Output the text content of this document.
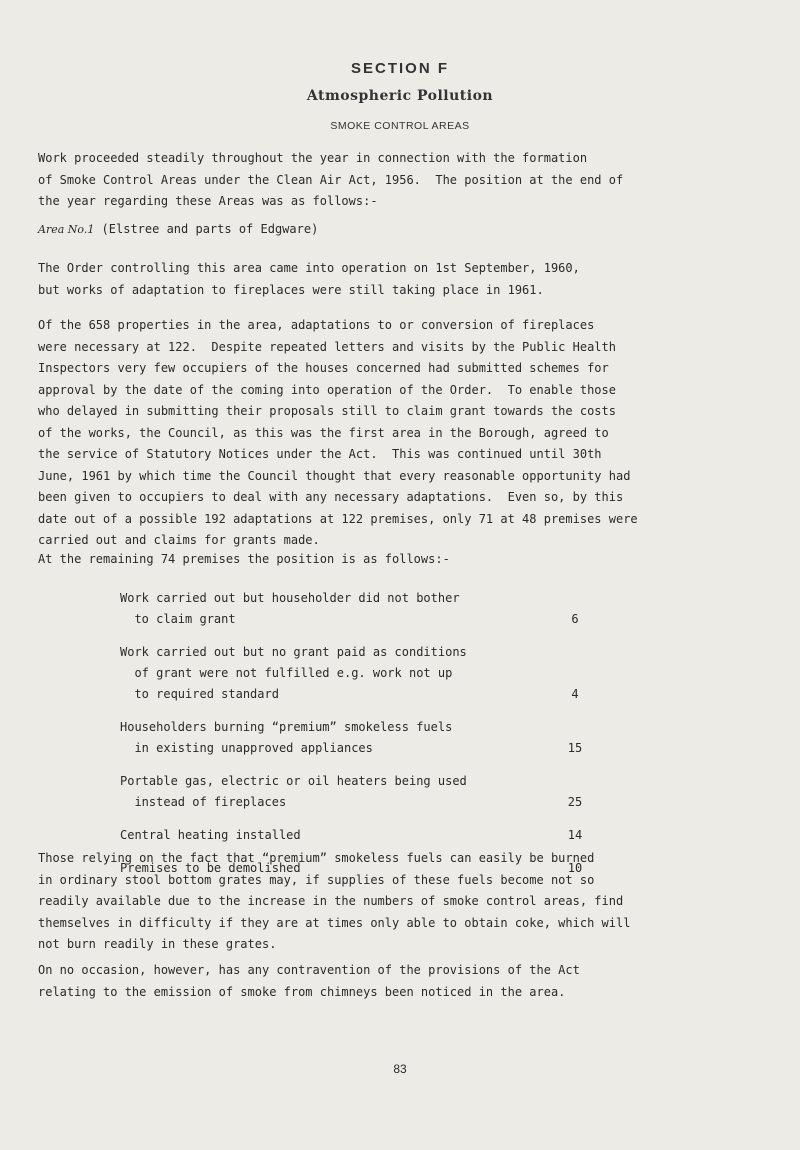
SECTION F
Atmospheric Pollution
SMOKE CONTROL AREAS

Work proceeded steadily throughout the year in connection with the formation
of Smoke Control Areas under the Clean Air Act, 1956.  The position at the end of
the year regarding these Areas was as follows:-

Area No.1 (Elstree and parts of Edgware)

The Order controlling this area came into operation on 1st September, 1960,
but works of adaptation to fireplaces were still taking place in 1961.

Of the 658 properties in the area, adaptations to or conversion of fireplaces
were necessary at 122.  Despite repeated letters and visits by the Public Health
Inspectors very few occupiers of the houses concerned had submitted schemes for
approval by the date of the coming into operation of the Order.  To enable those
who delayed in submitting their proposals still to claim grant towards the costs
of the works, the Council, as this was the first area in the Borough, agreed to
the service of Statutory Notices under the Act.  This was continued until 30th
June, 1961 by which time the Council thought that every reasonable opportunity had
been given to occupiers to deal with any necessary adaptations.  Even so, by this
date out of a possible 192 adaptations at 122 premises, only 71 at 48 premises were
carried out and claims for grants made.

At the remaining 74 premises the position is as follows:-

Work carried out but householder did not bother
to claim grant	6
Work carried out but no grant paid as conditions
of grant were not fulfilled e.g. work not up
to required standard	4
Householders burning “premium” smokeless fuels
in existing unapproved appliances	15
Portable gas, electric or oil heaters being used
instead of fireplaces	25
Central heating installed	14
Premises to be demolished	10

Those relying on the fact that “premium” smokeless fuels can easily be burned
in ordinary stool bottom grates may, if supplies of these fuels become not so
readily available due to the increase in the numbers of smoke control areas, find
themselves in difficulty if they are at times only able to obtain coke, which will
not burn readily in these grates.

On no occasion, however, has any contravention of the provisions of the Act
relating to the emission of smoke from chimneys been noticed in the area.

83
